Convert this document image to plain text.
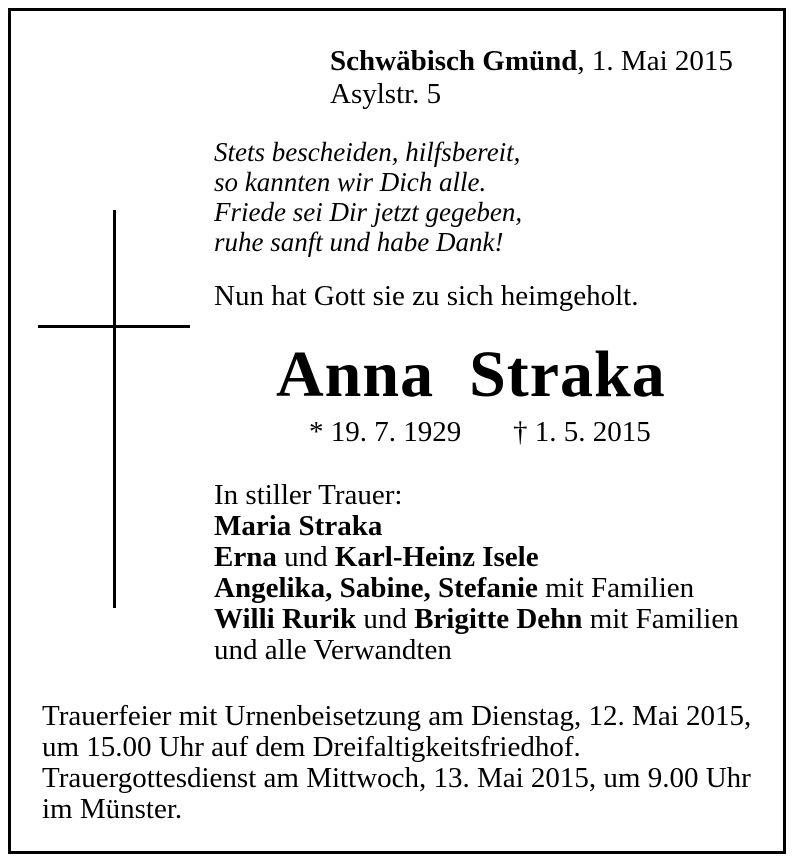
Schwäbisch Gmünd, 1. Mai 2015
Asylstr. 5
Stets bescheiden, hilfsbereit,
so kannten wir Dich alle.
Friede sei Dir jetzt gegeben,
ruhe sanft und habe Dank!
Nun hat Gott sie zu sich heimgeholt.
Anna  Straka
* 19. 7. 1929 † 1. 5. 2015
In stiller Trauer:
Maria Straka
Erna und Karl-Heinz Isele
Angelika, Sabine, Stefanie mit Familien
Willi Rurik und Brigitte Dehn mit Familien
und alle Verwandten
Trauerfeier mit Urnenbeisetzung am Dienstag, 12. Mai 2015,
um 15.00 Uhr auf dem Dreifaltigkeitsfriedhof.
Trauergottesdienst am Mittwoch, 13. Mai 2015, um 9.00 Uhr
im Münster.
